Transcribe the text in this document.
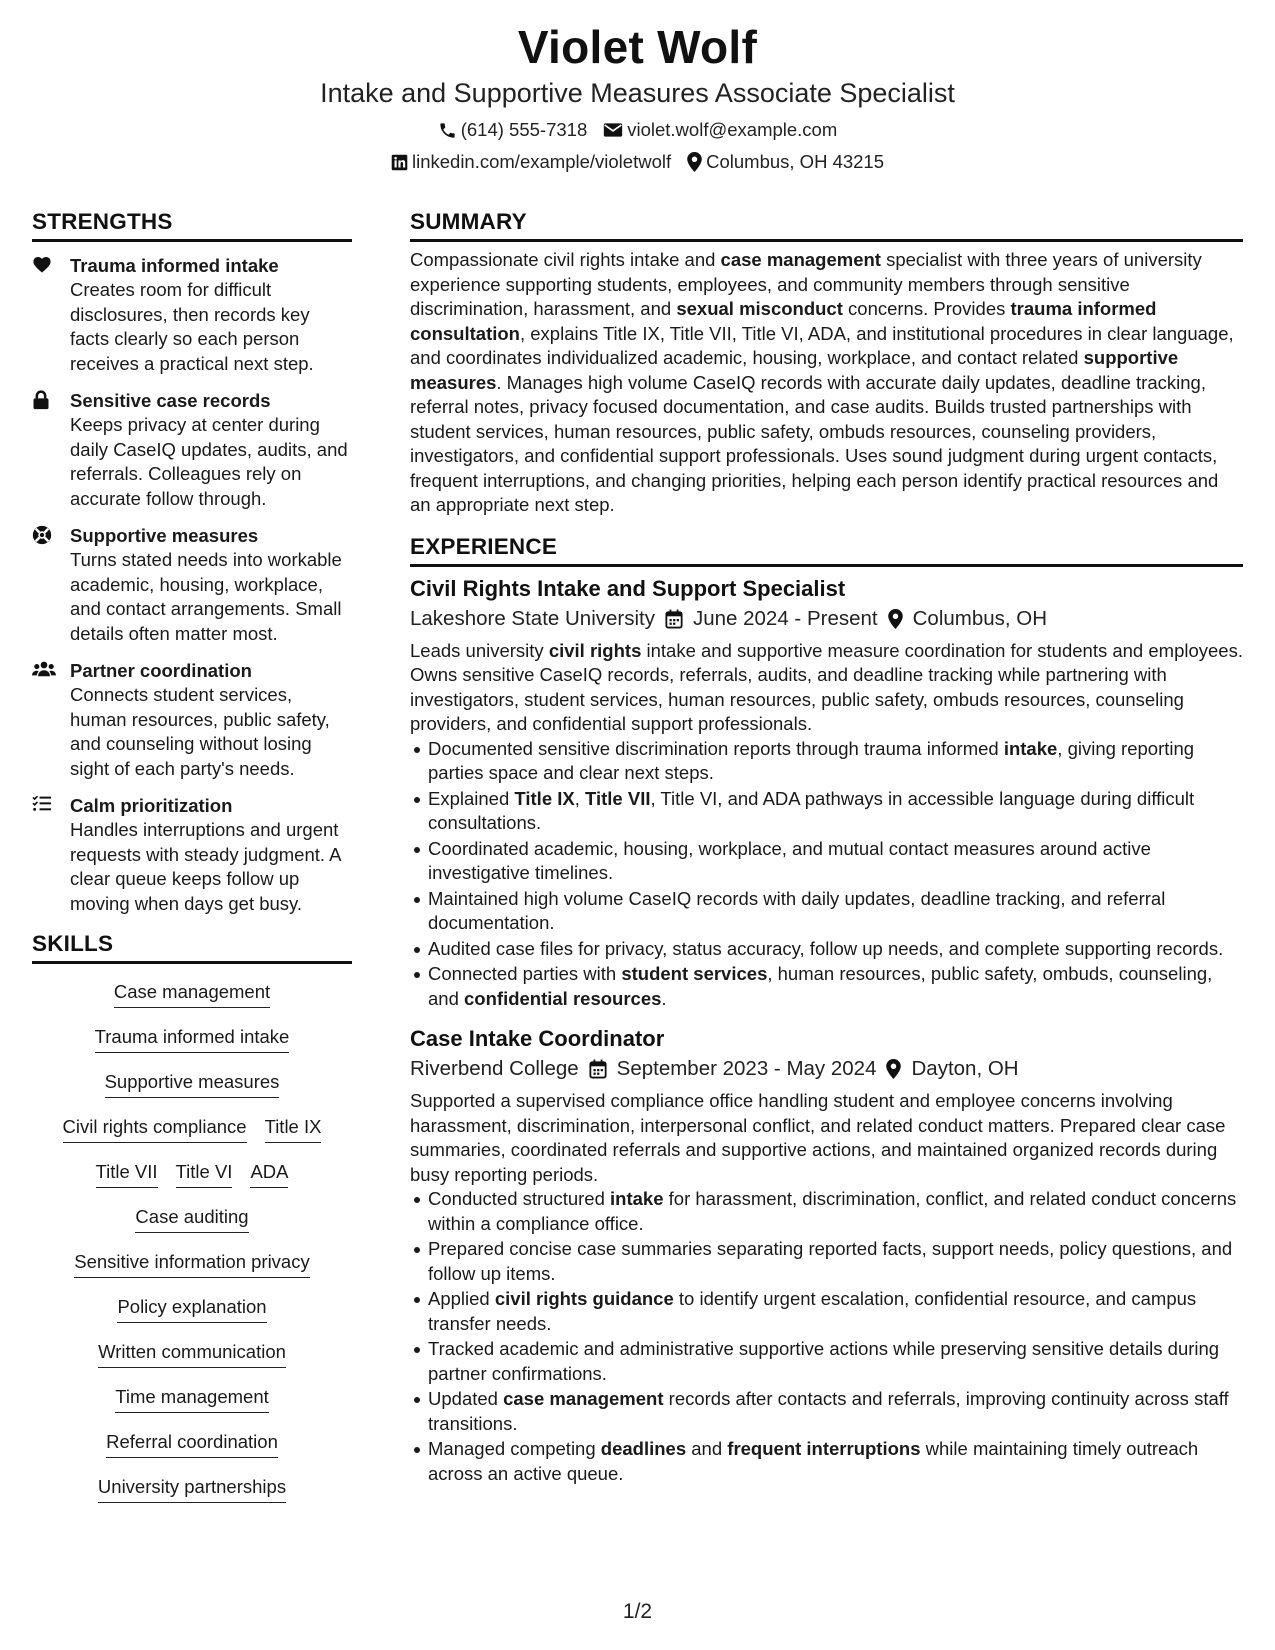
Violet Wolf
Intake and Supportive Measures Associate Specialist
(614) 555-7318 violet.wolf@example.com
linkedin.com/example/violetwolf Columbus, OH 43215
STRENGTHS
Trauma informed intake
Creates room for difficult disclosures, then records key facts clearly so each person receives a practical next step.
Sensitive case records
Keeps privacy at center during daily CaseIQ updates, audits, and referrals. Colleagues rely on accurate follow through.
Supportive measures
Turns stated needs into workable academic, housing, workplace, and contact arrangements. Small details often matter most.
Partner coordination
Connects student services, human resources, public safety, and counseling without losing sight of each party's needs.
Calm prioritization
Handles interruptions and urgent requests with steady judgment. A clear queue keeps follow up moving when days get busy.
SKILLS
Case management
Trauma informed intake
Supportive measures
Civil rights compliance Title IX
Title VII Title VI ADA
Case auditing
Sensitive information privacy
Policy explanation
Written communication
Time management
Referral coordination
University partnerships
SUMMARY
Compassionate civil rights intake and case management specialist with three years of university experience supporting students, employees, and community members through sensitive discrimination, harassment, and sexual misconduct concerns. Provides trauma informed consultation, explains Title IX, Title VII, Title VI, ADA, and institutional procedures in clear language, and coordinates individualized academic, housing, workplace, and contact related supportive measures. Manages high volume CaseIQ records with accurate daily updates, deadline tracking, referral notes, privacy focused documentation, and case audits. Builds trusted partnerships with student services, human resources, public safety, ombuds resources, counseling providers, investigators, and confidential support professionals. Uses sound judgment during urgent contacts, frequent interruptions, and changing priorities, helping each person identify practical resources and an appropriate next step.
EXPERIENCE
Civil Rights Intake and Support Specialist
Lakeshore State University June 2024 - Present Columbus, OH
Leads university civil rights intake and supportive measure coordination for students and employees. Owns sensitive CaseIQ records, referrals, audits, and deadline tracking while partnering with investigators, student services, human resources, public safety, ombuds resources, counseling providers, and confidential support professionals.
Documented sensitive discrimination reports through trauma informed intake, giving reporting parties space and clear next steps.
Explained Title IX, Title VII, Title VI, and ADA pathways in accessible language during difficult consultations.
Coordinated academic, housing, workplace, and mutual contact measures around active investigative timelines.
Maintained high volume CaseIQ records with daily updates, deadline tracking, and referral documentation.
Audited case files for privacy, status accuracy, follow up needs, and complete supporting records.
Connected parties with student services, human resources, public safety, ombuds, counseling, and confidential resources.
Case Intake Coordinator
Riverbend College September 2023 - May 2024 Dayton, OH
Supported a supervised compliance office handling student and employee concerns involving harassment, discrimination, interpersonal conflict, and related conduct matters. Prepared clear case summaries, coordinated referrals and supportive actions, and maintained organized records during busy reporting periods.
Conducted structured intake for harassment, discrimination, conflict, and related conduct concerns within a compliance office.
Prepared concise case summaries separating reported facts, support needs, policy questions, and follow up items.
Applied civil rights guidance to identify urgent escalation, confidential resource, and campus transfer needs.
Tracked academic and administrative supportive actions while preserving sensitive details during partner confirmations.
Updated case management records after contacts and referrals, improving continuity across staff transitions.
Managed competing deadlines and frequent interruptions while maintaining timely outreach across an active queue.
1/2
